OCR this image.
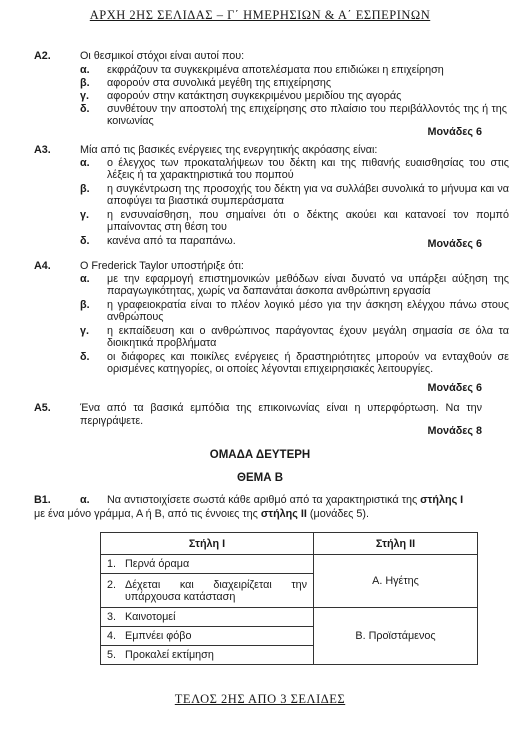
ΑΡΧΗ 2ΗΣ ΣΕΛΙΔΑΣ – Γ΄ ΗΜΕΡΗΣΙΩΝ & Α΄ ΕΣΠΕΡΙΝΩΝ
Α2.	Οι θεσμικοί στόχοι είναι αυτοί που:
α.	εκφράζουν τα συγκεκριμένα αποτελέσματα που επιδιώκει η επιχείρηση
β.	αφορούν στα συνολικά μεγέθη της επιχείρησης
γ.	αφορούν στην κατάκτηση συγκεκριμένου μεριδίου της αγοράς
δ.	συνθέτουν την αποστολή της επιχείρησης στο πλαίσιο του περιβάλλοντός της ή της κοινωνίας
Μονάδες 6
Α3.	Μία από τις βασικές ενέργειες της ενεργητικής ακρόασης είναι:
α.	ο έλεγχος των προκαταλήψεων του δέκτη και της πιθανής ευαισθησίας του στις λέξεις ή τα χαρακτηριστικά του πομπού
β.	η συγκέντρωση της προσοχής του δέκτη για να συλλάβει συνολικά το μήνυμα και να αποφύγει τα βιαστικά συμπεράσματα
γ.	η ενσυναίσθηση, που σημαίνει ότι ο δέκτης ακούει και κατανοεί τον πομπό μπαίνοντας στη θέση του
δ.	κανένα από τα παραπάνω.	Μονάδες 6
Α4.	Ο Frederick Taylor υποστήριξε ότι:
α.	με την εφαρμογή επιστημονικών μεθόδων είναι δυνατό να υπάρξει αύξηση της παραγωγικότητας, χωρίς να δαπανάται άσκοπα ανθρώπινη εργασία
β.	η γραφειοκρατία είναι το πλέον λογικό μέσο για την άσκηση ελέγχου πάνω στους ανθρώπους
γ.	η εκπαίδευση και ο ανθρώπινος παράγοντας έχουν μεγάλη σημασία σε όλα τα διοικητικά προβλήματα
δ.	οι διάφορες και ποικίλες ενέργειες ή δραστηριότητες μπορούν να ενταχθούν σε ορισμένες κατηγορίες, οι οποίες λέγονται επιχειρησιακές λειτουργίες.
Μονάδες 6
Α5.	Ένα από τα βασικά εμπόδια της επικοινωνίας είναι η υπερφόρτωση. Να την περιγράψετε.
Μονάδες 8
ΟΜΑΔΑ ΔΕΥΤΕΡΗ
ΘΕΜΑ Β
Β1.	α. Να αντιστοιχίσετε σωστά κάθε αριθμό από τα χαρακτηριστικά της στήλης Ι
με ένα μόνο γράμμα, Α ή Β, από τις έννοιες της στήλης ΙΙ (μονάδες 5).
Στήλη Ι	Στήλη ΙΙ
1. Περνά όραμα	Α. Ηγέτης

2. Δέχεται και διαχειρίζεται την υπάρχουσα κατάσταση	

3. Καινοτομεί	Β. Προϊστάμενος
4. Εμπνέει φόβο	
5. Προκαλεί εκτίμηση	
ΤΕΛΟΣ 2ΗΣ ΑΠΟ 3 ΣΕΛΙΔΕΣ
